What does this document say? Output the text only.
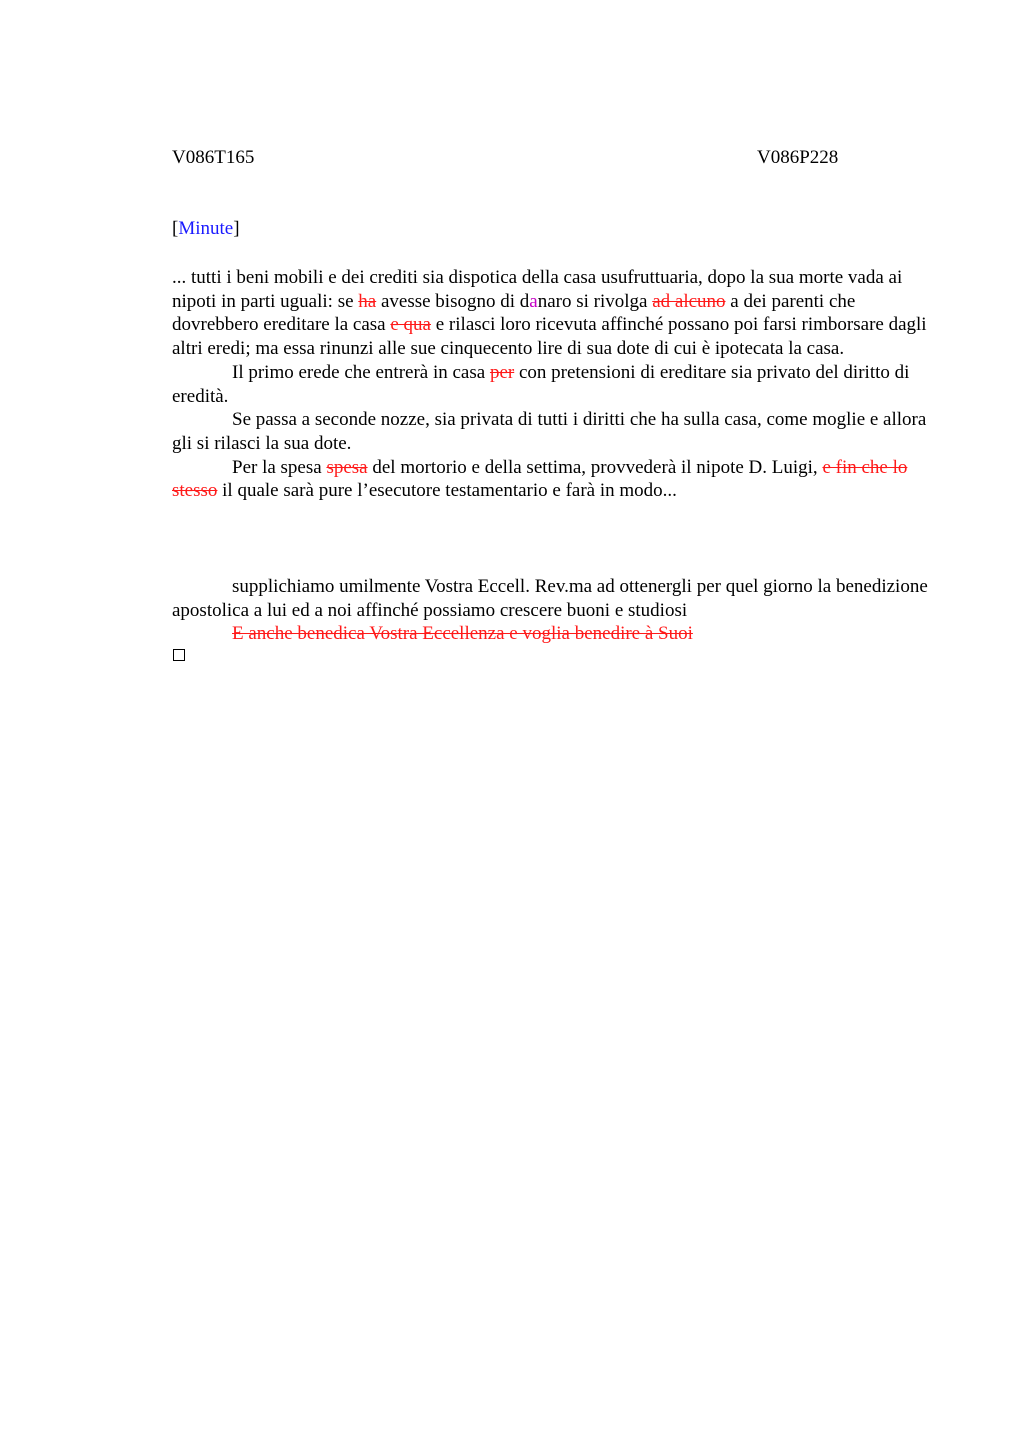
V086T165	V086P228
[Minute]

... tutti i beni mobili e dei crediti sia dispotica della casa usufruttuaria, dopo la sua morte vada ai nipoti in parti uguali: se ha avesse bisogno di danaro si rivolga ad alcuno a dei parenti che dovrebbero ereditare la casa e qua e rilasci loro ricevuta affinché possano poi farsi rimborsare dagli altri eredi; ma essa rinunzi alle sue cinquecento lire di sua dote di cui è ipotecata la casa.

Il primo erede che entrerà in casa per con pretensioni di ereditare sia privato del diritto di eredità.

Se passa a seconde nozze, sia privata di tutti i diritti che ha sulla casa, come moglie e allora gli si rilasci la sua dote.

Per la spesa spesa del mortorio e della settima, provvederà il nipote D. Luigi, e fin che lo stesso il quale sarà pure l’esecutore testamentario e farà in modo...

supplichiamo umilmente Vostra Eccell. Rev.ma ad ottenergli per quel giorno la benedizione apostolica a lui ed a noi affinché possiamo crescere buoni e studiosi

E anche benedica Vostra Eccellenza e voglia benedire à Suoi
